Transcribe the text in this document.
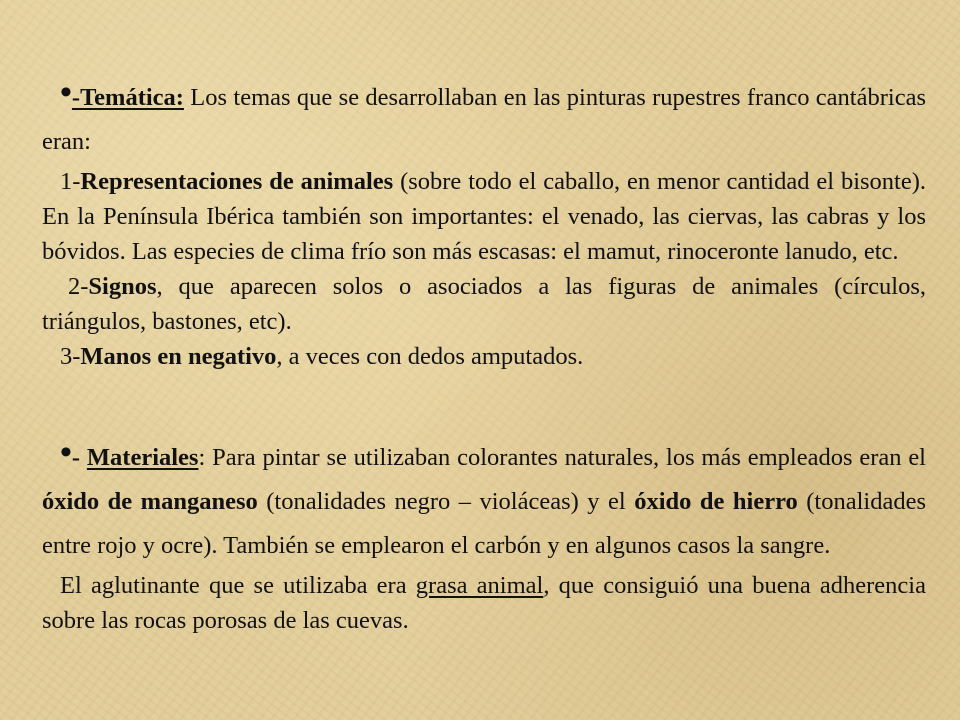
•-Temática: Los temas que se desarrollaban en las pinturas rupestres franco cantábricas eran:

1-Representaciones de animales (sobre todo el caballo, en menor cantidad el bisonte). En la Península Ibérica también son importantes: el venado, las ciervas, las cabras y los bóvidos. Las especies de clima frío son más escasas: el mamut, rinoceronte lanudo, etc.

2-Signos, que aparecen solos o asociados a las figuras de animales (círculos, triángulos, bastones, etc).

3-Manos en negativo, a veces con dedos amputados.

•- Materiales: Para pintar se utilizaban colorantes naturales, los más empleados eran el óxido de manganeso (tonalidades negro – violáceas) y el óxido de hierro (tonalidades entre rojo y ocre). También se emplearon el carbón y en algunos casos la sangre.

El aglutinante que se utilizaba era grasa animal, que consiguió una buena adherencia sobre las rocas porosas de las cuevas.
